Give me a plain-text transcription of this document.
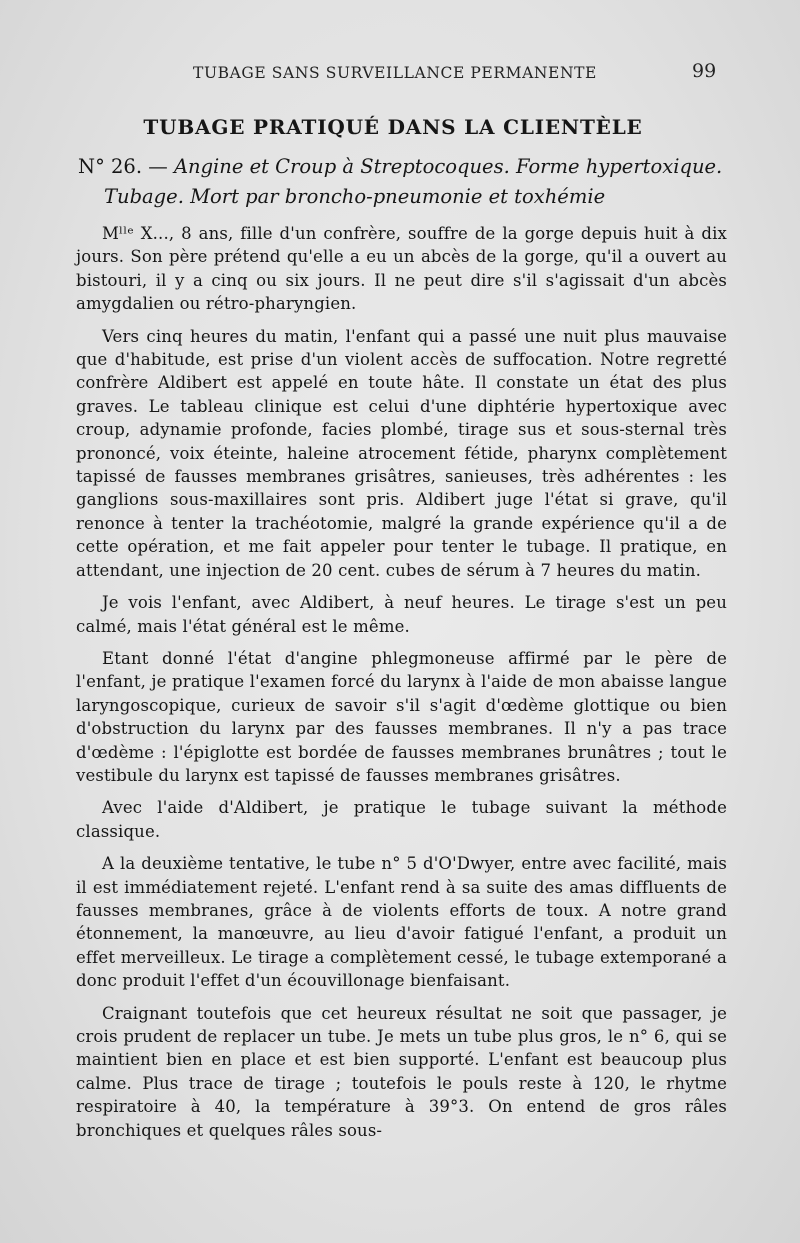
TUBAGE SANS SURVEILLANCE PERMANENTE	99
TUBAGE PRATIQUÉ DANS LA CLIENTÈLE
N° 26. — Angine et Croup à Streptocoques. Forme hypertoxique.
Tubage. Mort par broncho-pneumonie et toxhémie

Mˡˡᵉ X..., 8 ans, fille d'un confrère, souffre de la gorge depuis huit à dix jours. Son père prétend qu'elle a eu un abcès de la gorge, qu'il a ouvert au bistouri, il y a cinq ou six jours. Il ne peut dire s'il s'agissait d'un abcès amygdalien ou rétro-pharyngien.

Vers cinq heures du matin, l'enfant qui a passé une nuit plus mauvaise que d'habitude, est prise d'un violent accès de suffocation. Notre regretté confrère Aldibert est appelé en toute hâte. Il constate un état des plus graves. Le tableau clinique est celui d'une diphtérie hypertoxique avec croup, adynamie profonde, facies plombé, tirage sus et sous-sternal très prononcé, voix éteinte, haleine atrocement fétide, pharynx complètement tapissé de fausses membranes grisâtres, sanieuses, très adhérentes : les ganglions sous-maxillaires sont pris. Aldibert juge l'état si grave, qu'il renonce à tenter la trachéotomie, malgré la grande expérience qu'il a de cette opération, et me fait appeler pour tenter le tubage. Il pratique, en attendant, une injection de 20 cent. cubes de sérum à 7 heures du matin.

Je vois l'enfant, avec Aldibert, à neuf heures. Le tirage s'est un peu calmé, mais l'état général est le même.

Etant donné l'état d'angine phlegmoneuse affirmé par le père de l'enfant, je pratique l'examen forcé du larynx à l'aide de mon abaisse langue laryngoscopique, curieux de savoir s'il s'agit d'œdème glottique ou bien d'obstruction du larynx par des fausses membranes. Il n'y a pas trace d'œdème : l'épiglotte est bordée de fausses membranes brunâtres ; tout le vestibule du larynx est tapissé de fausses membranes grisâtres.

Avec l'aide d'Aldibert, je pratique le tubage suivant la méthode classique.

A la deuxième tentative, le tube n° 5 d'O'Dwyer, entre avec facilité, mais il est immédiatement rejeté. L'enfant rend à sa suite des amas diffluents de fausses membranes, grâce à de violents efforts de toux. A notre grand étonnement, la manœuvre, au lieu d'avoir fatigué l'enfant, a produit un effet merveilleux. Le tirage a complètement cessé, le tubage extemporané a donc produit l'effet d'un écouvillonage bienfaisant.

Craignant toutefois que cet heureux résultat ne soit que passager, je crois prudent de replacer un tube. Je mets un tube plus gros, le n° 6, qui se maintient bien en place et est bien supporté. L'enfant est beaucoup plus calme. Plus trace de tirage ; toutefois le pouls reste à 120, le rhytme respiratoire à 40, la température à 39°3. On entend de gros râles bronchiques et quelques râles sous-
